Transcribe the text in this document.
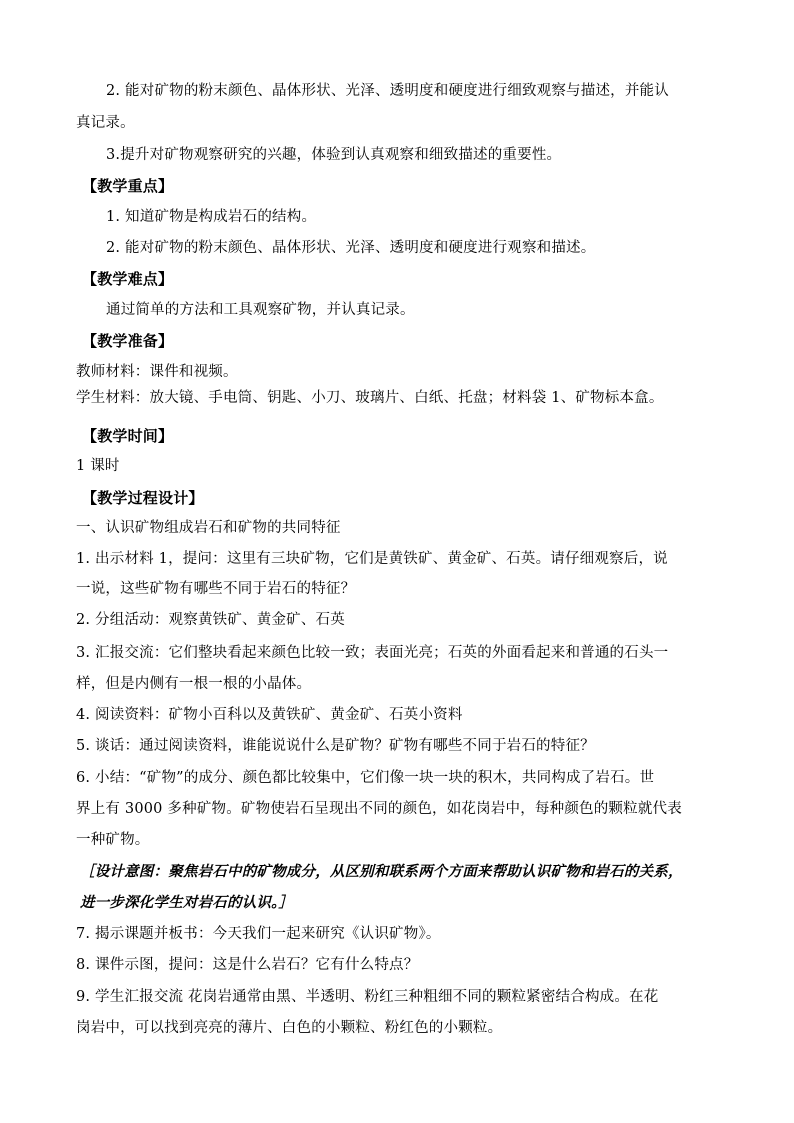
2. 能对矿物的粉末颜色、晶体形状、光泽、透明度和硬度进行细致观察与描述，并能认
真记录。
3.提升对矿物观察研究的兴趣，体验到认真观察和细致描述的重要性。
【教学重点】
1. 知道矿物是构成岩石的结构。
2. 能对矿物的粉末颜色、晶体形状、光泽、透明度和硬度进行观察和描述。
【教学难点】
通过简单的方法和工具观察矿物，并认真记录。
【教学准备】
教师材料：课件和视频。
学生材料：放大镜、手电筒、钥匙、小刀、玻璃片、白纸、托盘；材料袋 1、矿物标本盒。
【教学时间】
1 课时
【教学过程设计】
一、认识矿物组成岩石和矿物的共同特征
1. 出示材料 1，提问：这里有三块矿物，它们是黄铁矿、黄金矿、石英。请仔细观察后，说
一说，这些矿物有哪些不同于岩石的特征？
2. 分组活动：观察黄铁矿、黄金矿、石英
3. 汇报交流：它们整块看起来颜色比较一致；表面光亮；石英的外面看起来和普通的石头一
样，但是内侧有一根一根的小晶体。
4. 阅读资料：矿物小百科以及黄铁矿、黄金矿、石英小资料
5. 谈话：通过阅读资料，谁能说说什么是矿物？矿物有哪些不同于岩石的特征？
6. 小结：“矿物”的成分、颜色都比较集中，它们像一块一块的积木，共同构成了岩石。世
界上有 3000 多种矿物。矿物使岩石呈现出不同的颜色，如花岗岩中，每种颜色的颗粒就代表
一种矿物。
［设计意图：聚焦岩石中的矿物成分，从区别和联系两个方面来帮助认识矿物和岩石的关系，
进一步深化学生对岩石的认识。］
7. 揭示课题并板书：今天我们一起来研究《认识矿物》。
8. 课件示图，提问：这是什么岩石？它有什么特点？
9. 学生汇报交流 花岗岩通常由黑、半透明、粉红三种粗细不同的颗粒紧密结合构成。在花
岗岩中，可以找到亮亮的薄片、白色的小颗粒、粉红色的小颗粒。
